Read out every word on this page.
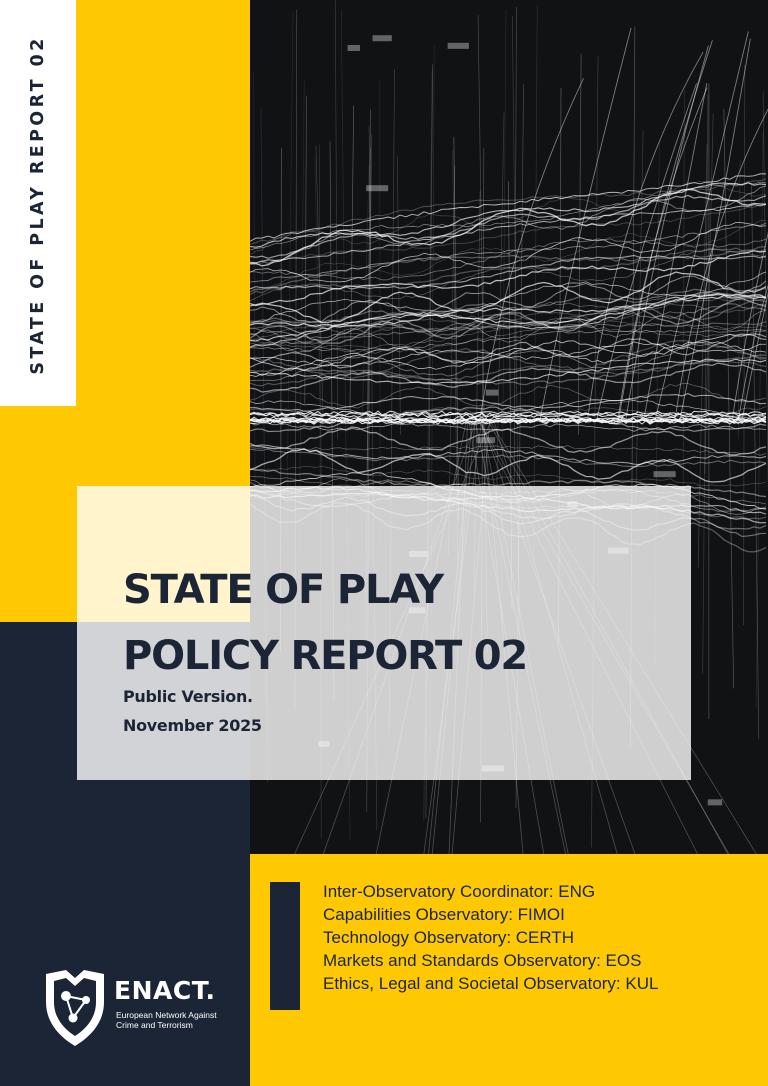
STATE OF PLAY REPORT 02
STATE OF PLAY
POLICY REPORT 02
Public Version.
November 2025
Inter-Observatory Coordinator: ENG
Capabilities Observatory: FIMOI
Technology Observatory: CERTH
Markets and Standards Observatory: EOS
Ethics, Legal and Societal Observatory: KUL
ENACT.
European Network Against Crime and Terrorism
